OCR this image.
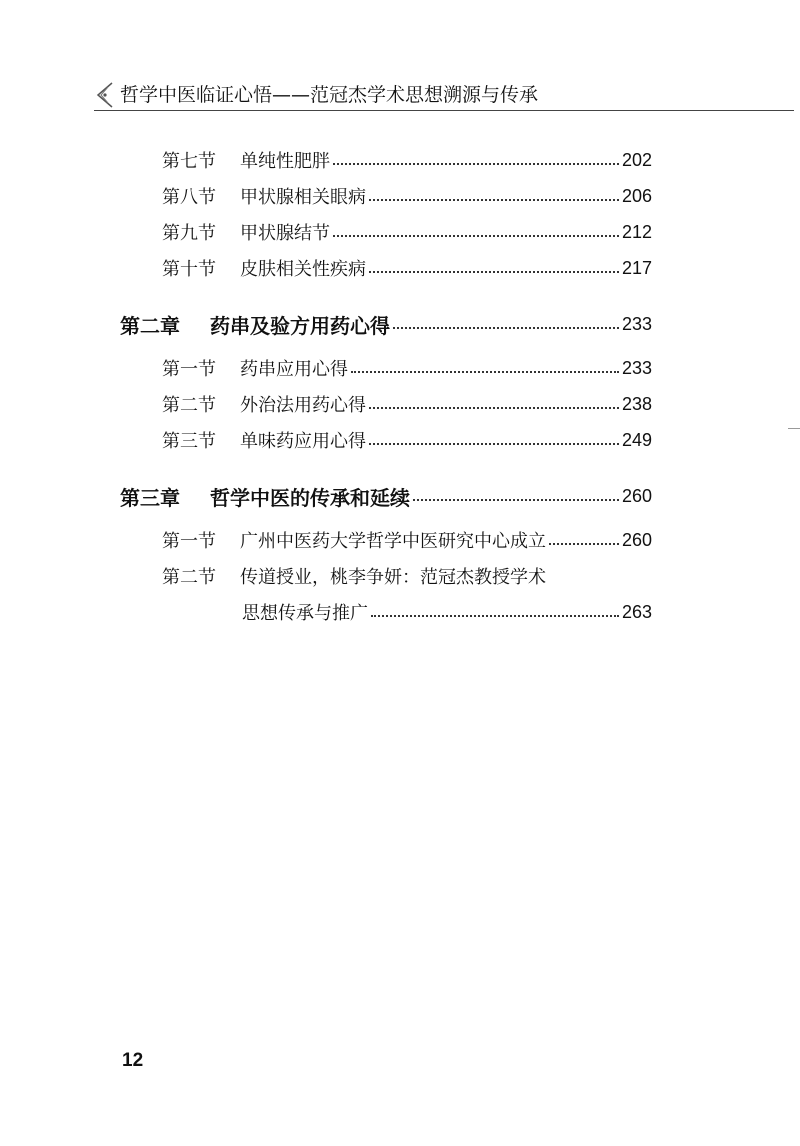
哲学中医临证心悟——范冠杰学术思想溯源与传承
第七节	单纯性肥胖	202
第八节	甲状腺相关眼病	206
第九节	甲状腺结节	212
第十节	皮肤相关性疾病	217
第二章	药串及验方用药心得	233
第一节	药串应用心得	233
第二节	外治法用药心得	238
第三节	单味药应用心得	249
第三章	哲学中医的传承和延续	260
第一节	广州中医药大学哲学中医研究中心成立	260
第二节	传道授业，桃李争妍：范冠杰教授学术
思想传承与推广	263
12
